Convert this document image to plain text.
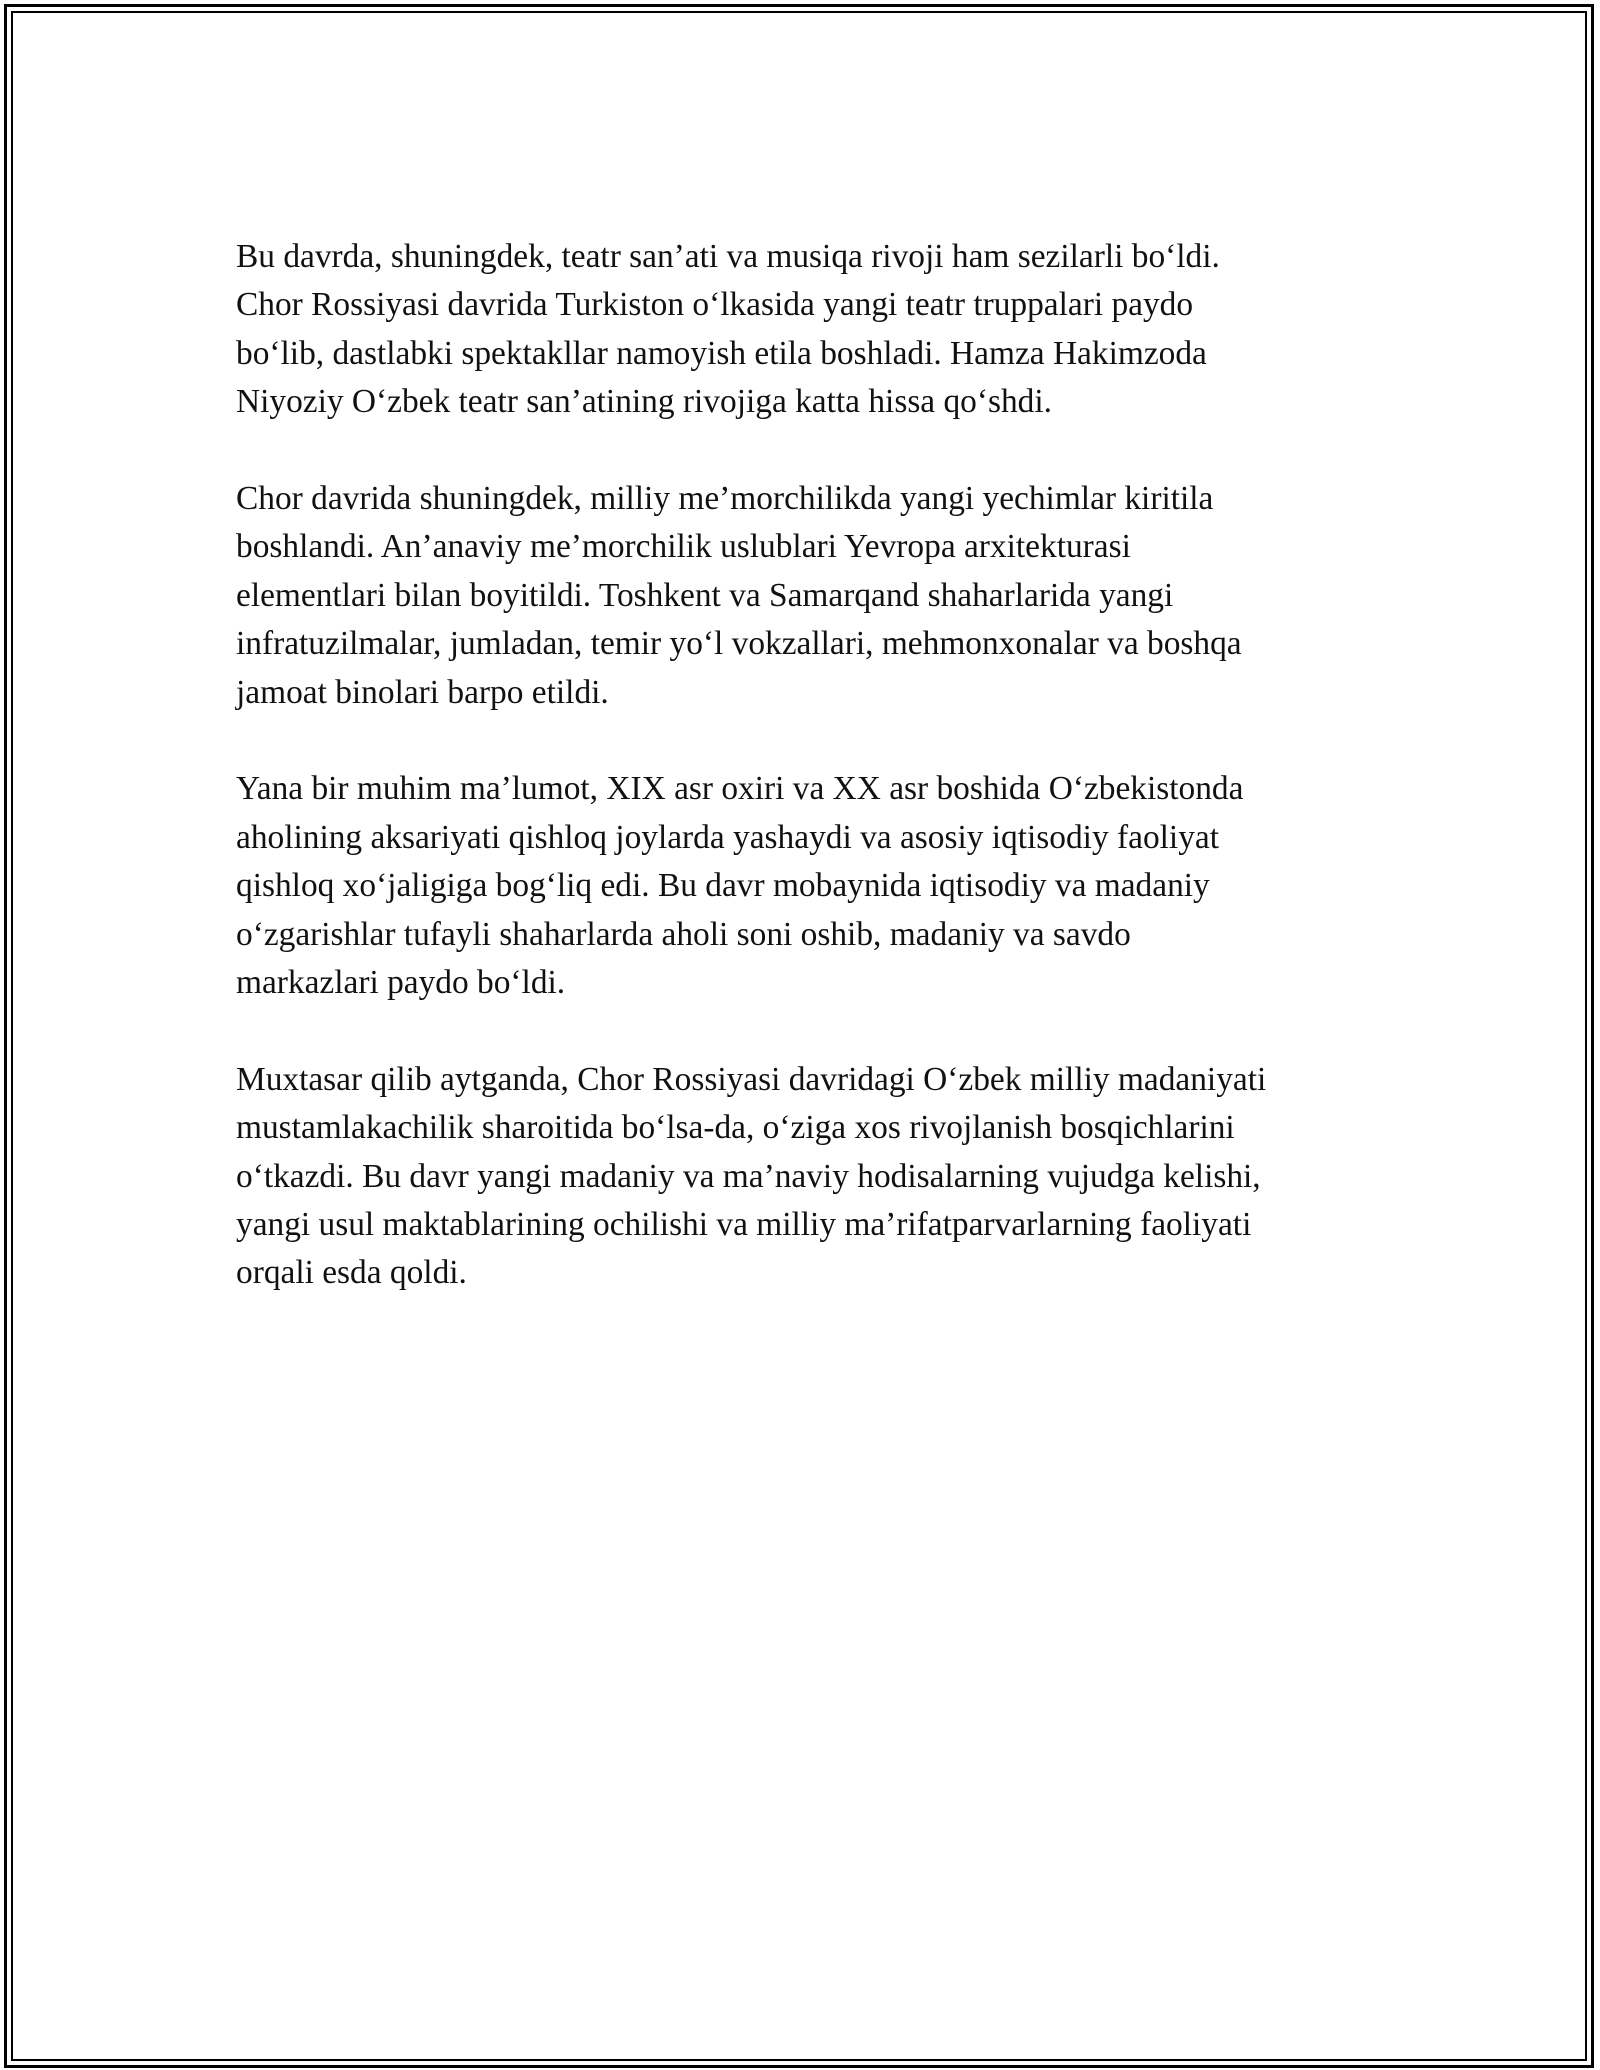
Bu davrda, shuningdek, teatr san’ati va musiqa rivoji ham sezilarli bo‘ldi.
Chor Rossiyasi davrida Turkiston o‘lkasida yangi teatr truppalari paydo
bo‘lib, dastlabki spektakllar namoyish etila boshladi. Hamza Hakimzoda
Niyoziy O‘zbek teatr san’atining rivojiga katta hissa qo‘shdi.

Chor davrida shuningdek, milliy me’morchilikda yangi yechimlar kiritila
boshlandi. An’anaviy me’morchilik uslublari Yevropa arxitekturasi
elementlari bilan boyitildi. Toshkent va Samarqand shaharlarida yangi
infratuzilmalar, jumladan, temir yo‘l vokzallari, mehmonxonalar va boshqa
jamoat binolari barpo etildi.

Yana bir muhim ma’lumot, XIX asr oxiri va XX asr boshida O‘zbekistonda
aholining aksariyati qishloq joylarda yashaydi va asosiy iqtisodiy faoliyat
qishloq xo‘jaligiga bog‘liq edi. Bu davr mobaynida iqtisodiy va madaniy
o‘zgarishlar tufayli shaharlarda aholi soni oshib, madaniy va savdo
markazlari paydo bo‘ldi.

Muxtasar qilib aytganda, Chor Rossiyasi davridagi O‘zbek milliy madaniyati
mustamlakachilik sharoitida bo‘lsa-da, o‘ziga xos rivojlanish bosqichlarini
o‘tkazdi. Bu davr yangi madaniy va ma’naviy hodisalarning vujudga kelishi,
yangi usul maktablarining ochilishi va milliy ma’rifatparvarlarning faoliyati
orqali esda qoldi.
